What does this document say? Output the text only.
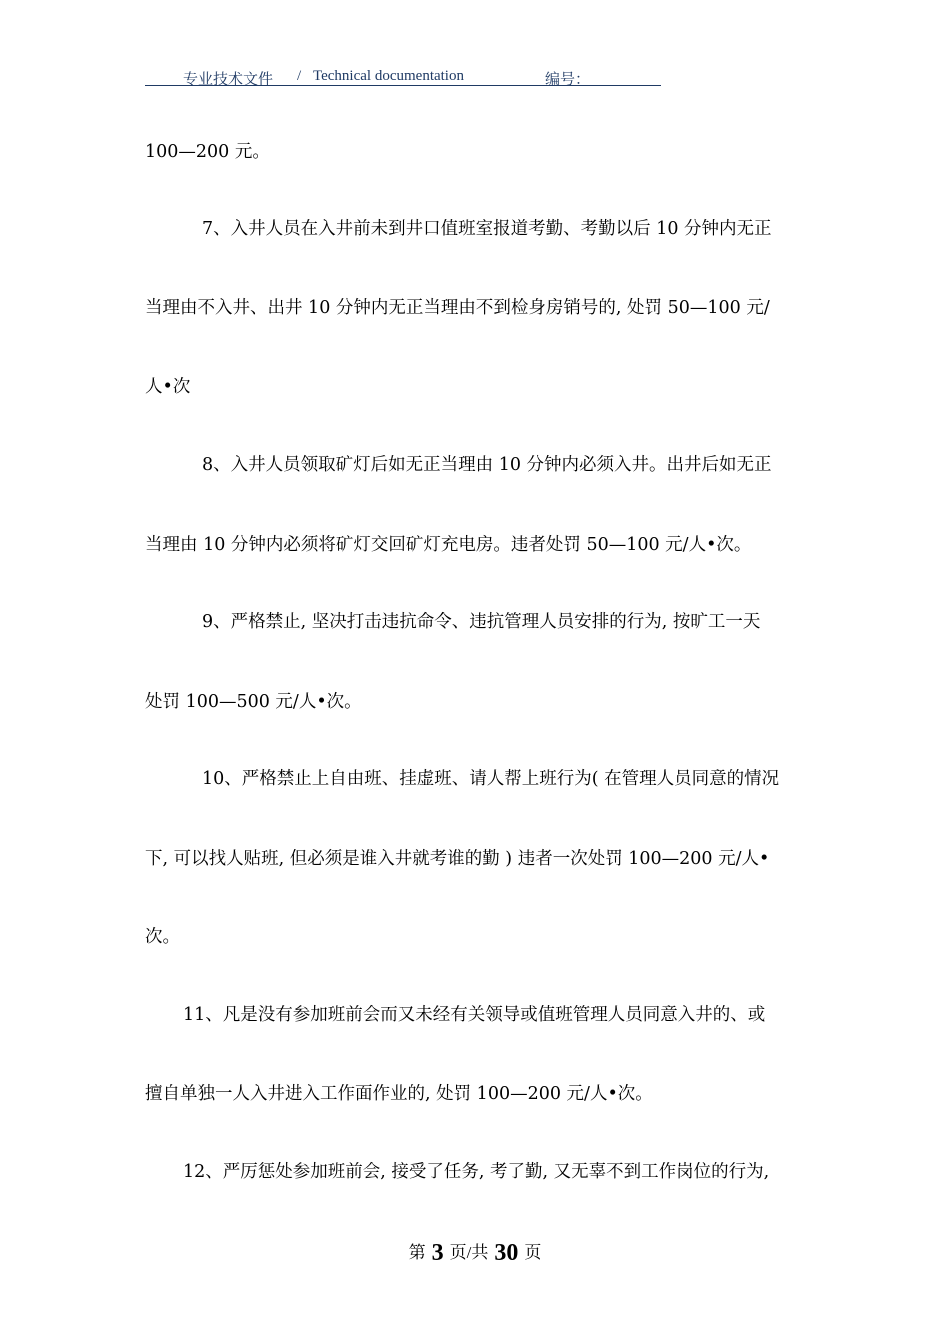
专业技术文件 / Technical documentation	编号：
100—200 元。
7、入井人员在入井前未到井口值班室报道考勤、考勤以后 10 分钟内无正
当理由不入井、出井 10 分钟内无正当理由不到检身房销号的, 处罚 50—100 元/
人•次
8、入井人员领取矿灯后如无正当理由 10 分钟内必须入井。出井后如无正
当理由 10 分钟内必须将矿灯交回矿灯充电房。违者处罚 50—100 元/人•次。
9、严格禁止, 坚决打击违抗命令、违抗管理人员安排的行为, 按旷工一天
处罚 100—500 元/人•次。
10、严格禁止上自由班、挂虚班、请人帮上班行为( 在管理人员同意的情况
下, 可以找人贴班, 但必须是谁入井就考谁的勤 ) 违者一次处罚 100—200 元/人•
次。
11、凡是没有参加班前会而又未经有关领导或值班管理人员同意入井的、或
擅自单独一人入井进入工作面作业的, 处罚 100—200 元/人•次。
12、严厉惩处参加班前会, 接受了任务, 考了勤, 又无辜不到工作岗位的行为,
第 3 页/共 30 页
